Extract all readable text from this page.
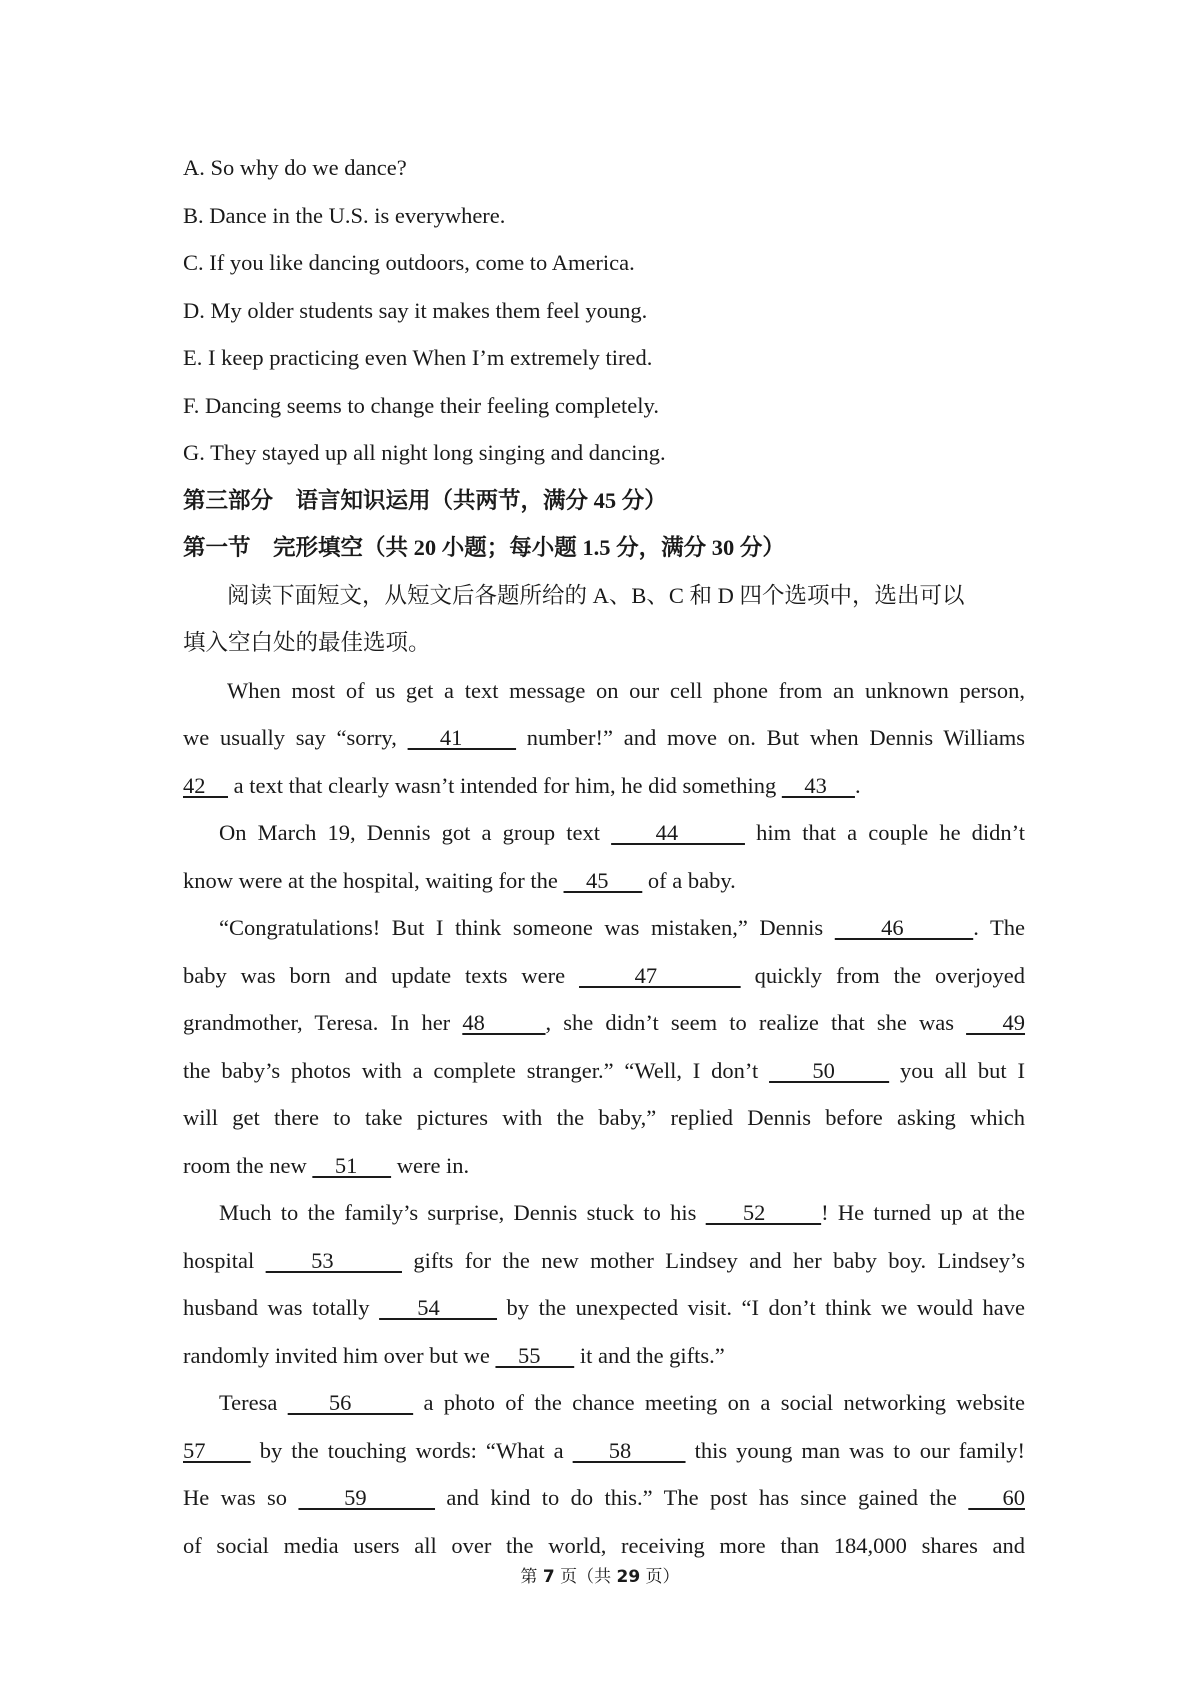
A. So why do we dance?
B. Dance in the U.S. is everywhere.
C. If you like dancing outdoors, come to America.
D. My older students say it makes them feel young.
E. I keep practicing even When I’m extremely tired.
F. Dancing seems to change their feeling completely.
G. They stayed up all night long singing and dancing.
第三部分　语言知识运用（共两节，满分 45 分）
第一节　完形填空（共 20 小题；每小题 1.5 分，满分 30 分）
阅读下面短文，从短文后各题所给的 A、B、C 和 D 四个选项中，选出可以
填入空白处的最佳选项。
When most of us get a text message on our cell phone from an unknown person,
we usually say “sorry,    41      number!” and move on. But when Dennis Williams
42     a text that clearly wasn’t intended for him, he did something     43     .
On March 19, Dennis got a group text     44       him that a couple he didn’t
know were at the hospital, waiting for the     45       of a baby.
“Congratulations! But I think someone was mistaken,” Dennis     46      . The
baby was born and update texts were     47       quickly from the overjoyed
grandmother, Teresa. In her 48     , she didn’t seem to realize that she was    49
the baby’s photos with a complete stranger.” “Well, I don’t     50      you all but I
will get there to take pictures with the baby,” replied Dennis before asking which
room the new     51       were in.
Much to the family’s surprise, Dennis stuck to his     52      ! He turned up at the
hospital     53       gifts for the new mother Lindsey and her baby boy. Lindsey’s
husband was totally     54       by the unexpected visit. “I don’t think we would have
randomly invited him over but we     55       it and the gifts.”
Teresa     56       a photo of the chance meeting on a social networking website
57      by the touching words: “What a     58       this young man was to our family!
He was so     59       and kind to do this.” The post has since gained the    60
of social media users all over the world, receiving more than 184,000 shares and
第 7 页（共 29 页）
